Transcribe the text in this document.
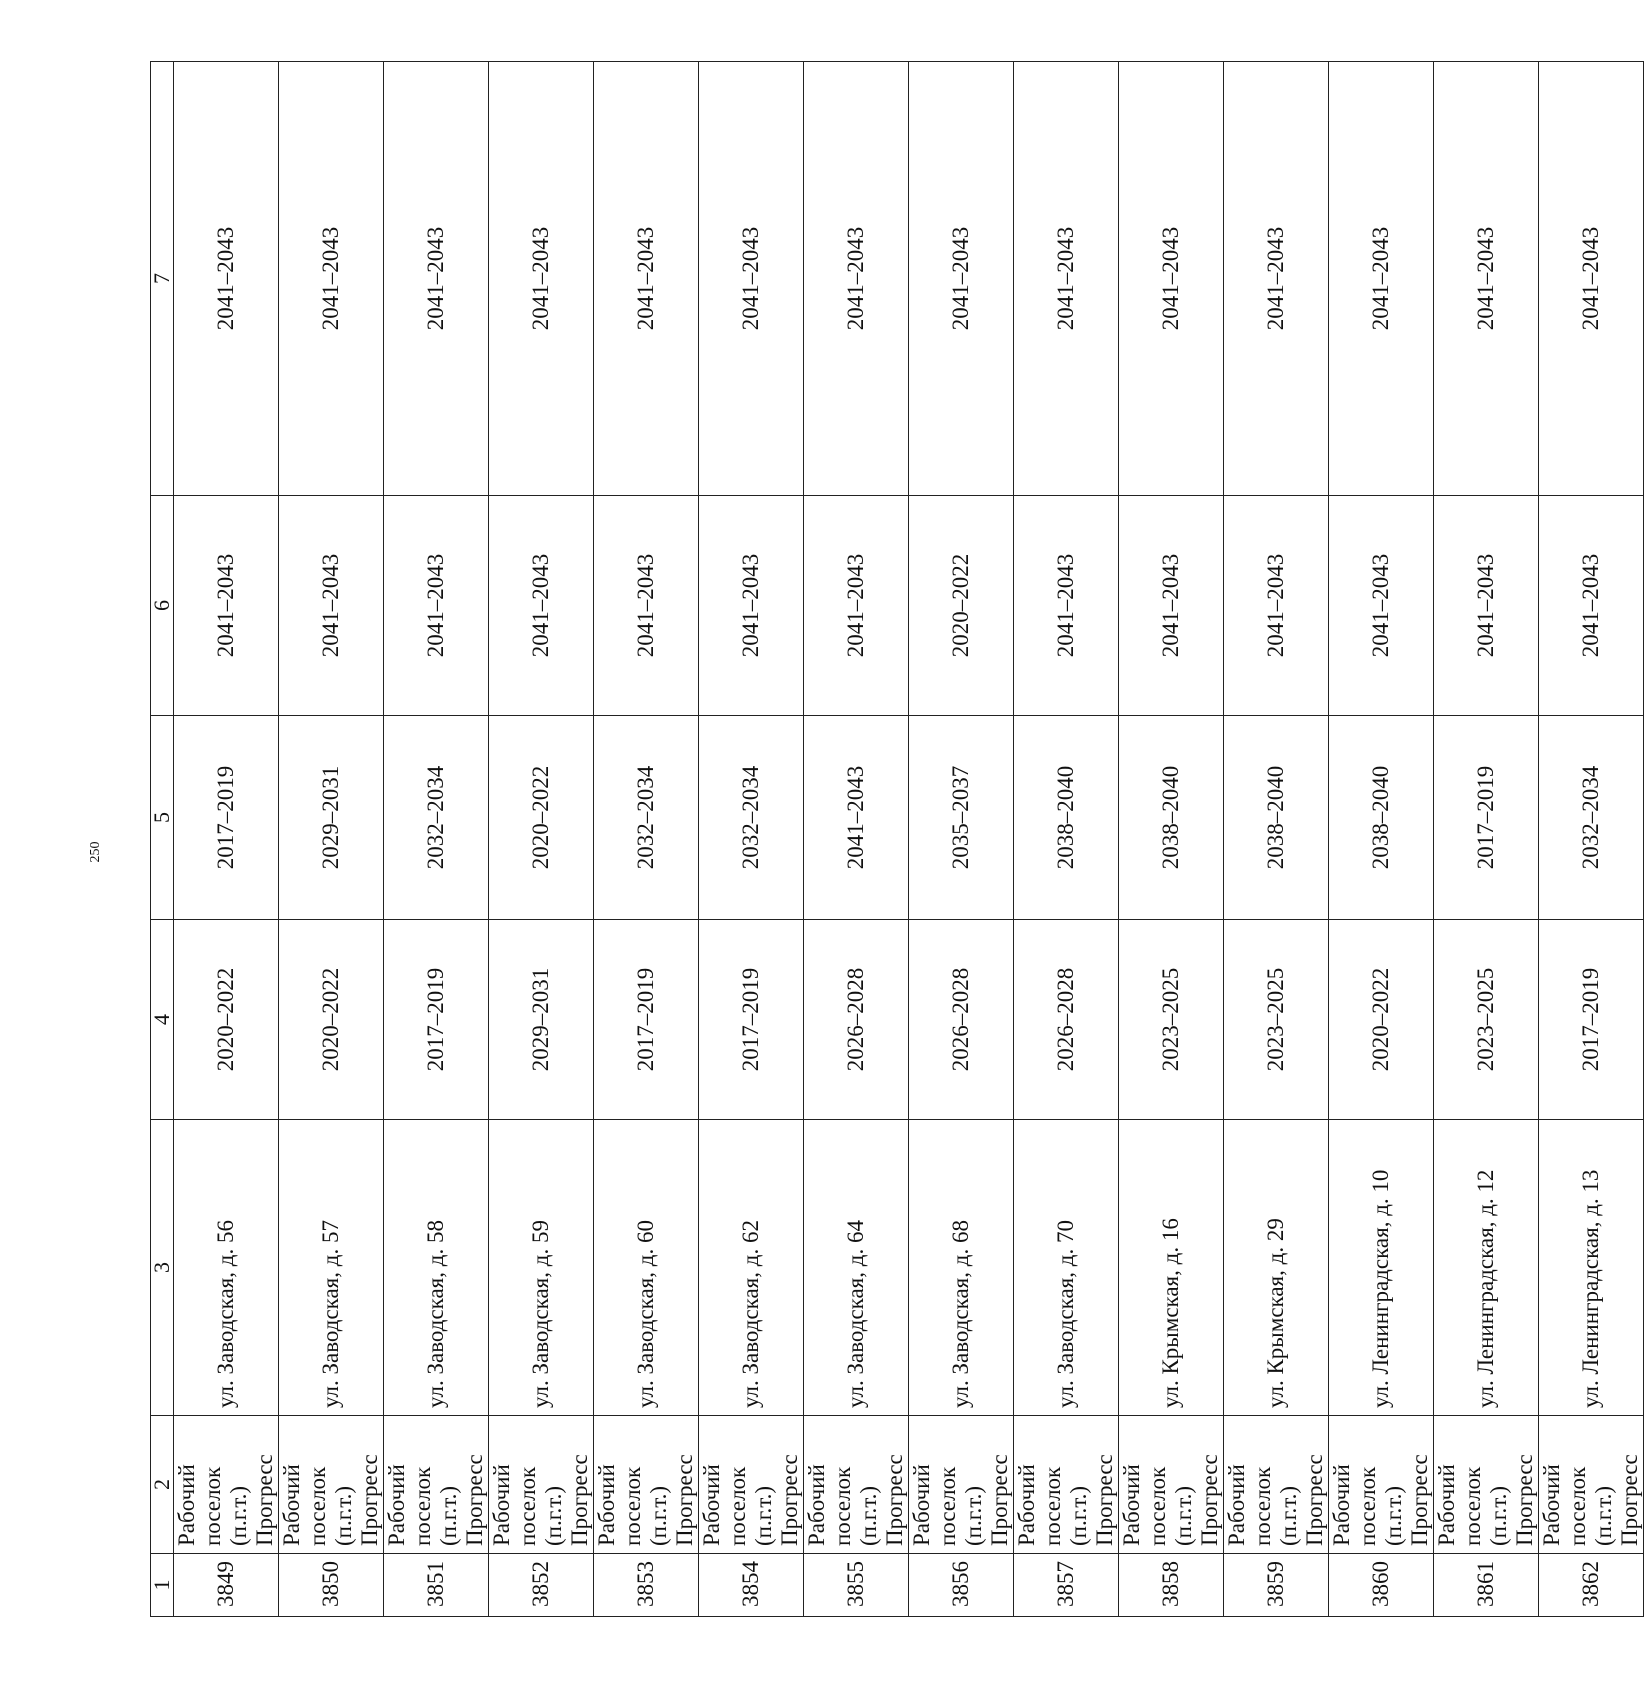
250
1	2	3	4	5	6	7
3849	Рабочий поселок (п.г.т.) Прогресс	ул. Заводская, д. 56	2020–2022	2017–2019	2041–2043	2041–2043
3850	Рабочий поселок (п.г.т.) Прогресс	ул. Заводская, д. 57	2020–2022	2029–2031	2041–2043	2041–2043
3851	Рабочий поселок (п.г.т.) Прогресс	ул. Заводская, д. 58	2017–2019	2032–2034	2041–2043	2041–2043
3852	Рабочий поселок (п.г.т.) Прогресс	ул. Заводская, д. 59	2029–2031	2020–2022	2041–2043	2041–2043
3853	Рабочий поселок (п.г.т.) Прогресс	ул. Заводская, д. 60	2017–2019	2032–2034	2041–2043	2041–2043
3854	Рабочий поселок (п.г.т.) Прогресс	ул. Заводская, д. 62	2017–2019	2032–2034	2041–2043	2041–2043
3855	Рабочий поселок (п.г.т.) Прогресс	ул. Заводская, д. 64	2026–2028	2041–2043	2041–2043	2041–2043
3856	Рабочий поселок (п.г.т.) Прогресс	ул. Заводская, д. 68	2026–2028	2035–2037	2020–2022	2041–2043
3857	Рабочий поселок (п.г.т.) Прогресс	ул. Заводская, д. 70	2026–2028	2038–2040	2041–2043	2041–2043
3858	Рабочий поселок (п.г.т.) Прогресс	ул. Крымская, д. 16	2023–2025	2038–2040	2041–2043	2041–2043
3859	Рабочий поселок (п.г.т.) Прогресс	ул. Крымская, д. 29	2023–2025	2038–2040	2041–2043	2041–2043
3860	Рабочий поселок (п.г.т.) Прогресс	ул. Ленинградская, д. 10	2020–2022	2038–2040	2041–2043	2041–2043
3861	Рабочий поселок (п.г.т.) Прогресс	ул. Ленинградская, д. 12	2023–2025	2017–2019	2041–2043	2041–2043
3862	Рабочий поселок (п.г.т.) Прогресс	ул. Ленинградская, д. 13	2017–2019	2032–2034	2041–2043	2041–2043
